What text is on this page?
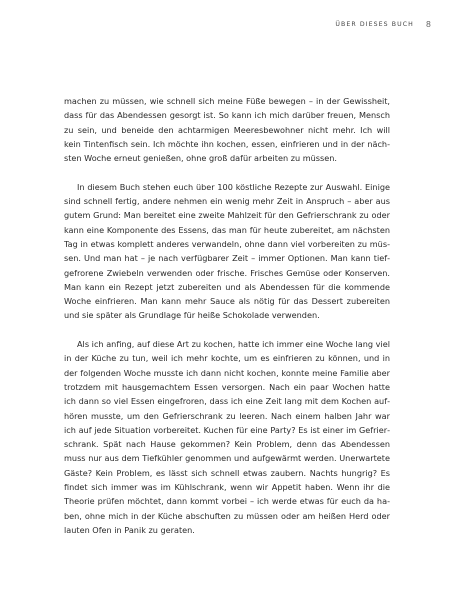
ÜBER DIESES BUCH 8

machen zu müssen, wie schnell sich meine Füße bewegen – in der Gewissheit, dass für das Abendessen gesorgt ist. So kann ich mich darüber freuen, Mensch zu sein, und beneide den achtarmigen Meeresbewohner nicht mehr. Ich will kein Tintenfisch sein. Ich möchte ihn kochen, essen, einfrieren und in der nächsten Woche erneut genießen, ohne groß dafür arbeiten zu müssen.

In diesem Buch stehen euch über 100 köstliche Rezepte zur Auswahl. Einige sind schnell fertig, andere nehmen ein wenig mehr Zeit in Anspruch – aber aus gutem Grund: Man bereitet eine zweite Mahlzeit für den Gefrierschrank zu oder kann eine Komponente des Essens, das man für heute zubereitet, am nächsten Tag in etwas komplett anderes verwandeln, ohne dann viel vorbereiten zu müssen. Und man hat – je nach verfügbarer Zeit – immer Optionen. Man kann tiefgefrorene Zwiebeln verwenden oder frische. Frisches Gemüse oder Konserven. Man kann ein Rezept jetzt zubereiten und als Abendessen für die kommende Woche einfrieren. Man kann mehr Sauce als nötig für das Dessert zubereiten und sie später als Grundlage für heiße Schokolade verwenden.

Als ich anfing, auf diese Art zu kochen, hatte ich immer eine Woche lang viel in der Küche zu tun, weil ich mehr kochte, um es einfrieren zu können, und in der folgenden Woche musste ich dann nicht kochen, konnte meine Familie aber trotzdem mit hausgemachtem Essen versorgen. Nach ein paar Wochen hatte ich dann so viel Essen eingefroren, dass ich eine Zeit lang mit dem Kochen aufhören musste, um den Gefrierschrank zu leeren. Nach einem halben Jahr war ich auf jede Situation vorbereitet. Kuchen für eine Party? Es ist einer im Gefrierschrank. Spät nach Hause gekommen? Kein Problem, denn das Abendessen muss nur aus dem Tiefkühler genommen und aufgewärmt werden. Unerwartete Gäste? Kein Problem, es lässt sich schnell etwas zaubern. Nachts hungrig? Es findet sich immer was im Kühlschrank, wenn wir Appetit haben. Wenn ihr die Theorie prüfen möchtet, dann kommt vorbei – ich werde etwas für euch da haben, ohne mich in der Küche abschuften zu müssen oder am heißen Herd oder lauten Ofen in Panik zu geraten.
